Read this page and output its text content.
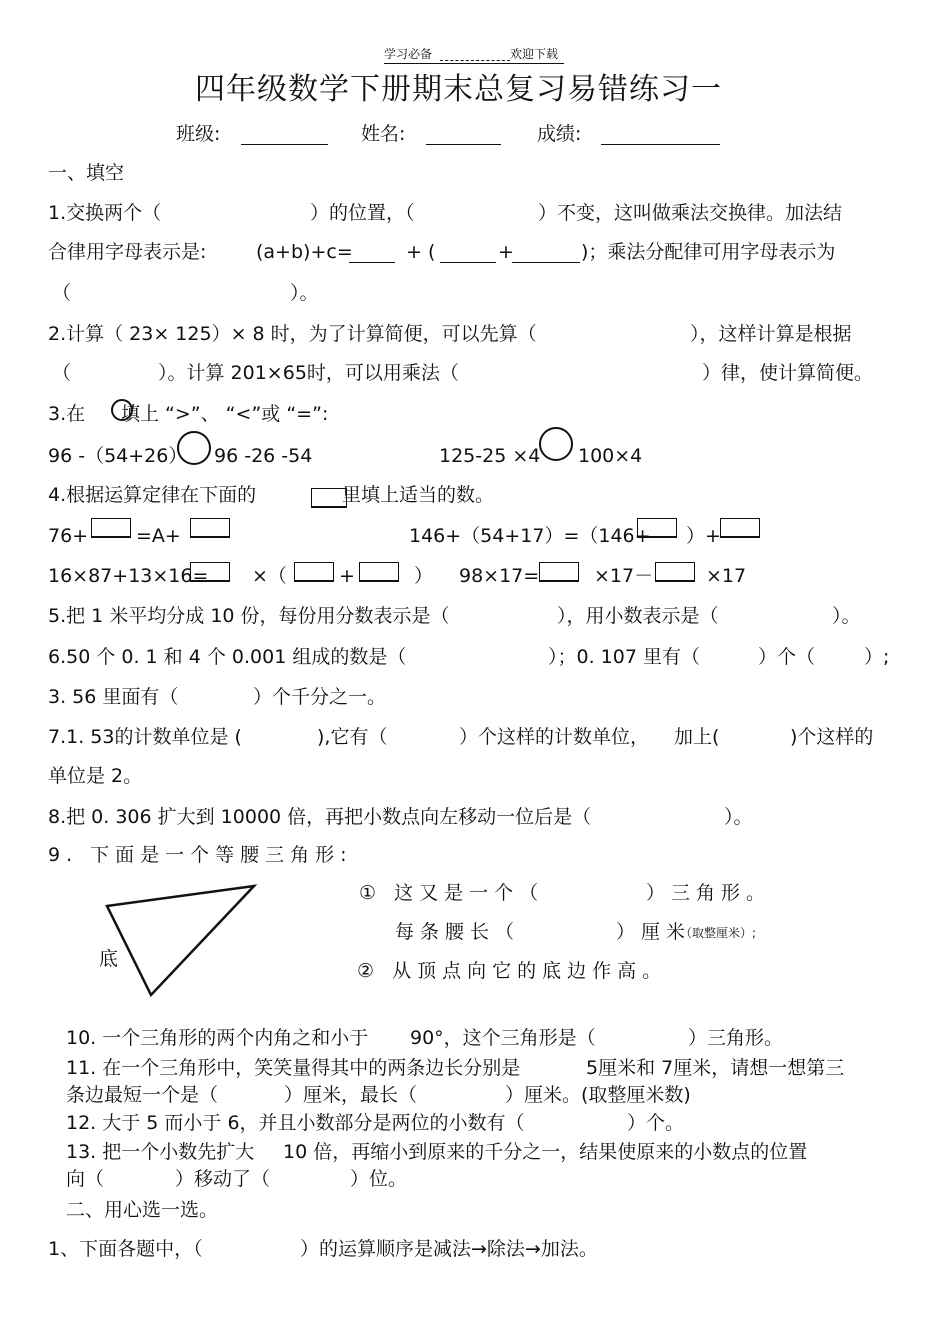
学习必备	欢迎下载
四年级数学下册期末总复习易错练习一
班级:	姓名:	成绩:
一、填空
1.交换两个（	）的位置，（	）不变，这叫做乘法交换律。加法结
合律用字母表示是:	(a+b)+c=	+ (	+	)；乘法分配律可用字母表示为
（	）。
2.计算（ 23× 125）× 8 时，为了计算简便，可以先算（	），这样计算是根据
（	）。计算 201×65时，可以用乘法（	）律，使计算简便。
3.在 填上 “>”、 “<”或 “=”:
96 -（54+26） 96 -26 -54	125-25 ×4 100×4
4.根据运算定律在下面的	里填上适当的数。
76+	=A+	146+（54+17）=（146+ ）+
16×87+13×16= ×（	+	） 98×17=	×17－	×17
5.把 1 米平均分成 10 份，每份用分数表示是（	），用小数表示是（	）。
6.50 个 0. 1 和 4 个 0.001 组成的数是（	）；0. 107 里有（	）个（	）;
3. 56 里面有（	）个千分之一。
7.1. 53的计数单位是 (	),它有（	）个这样的计数单位， 加上(	)个这样的
单位是 2。
8.把 0. 306 扩大到 10000 倍，再把小数点向左移动一位后是（	）。
9. 下面是一个等腰三角形:
底
① 这又是一个（	）三角形。
每条腰长（	）厘米
（取整厘米）;
② 从顶点向它的底边作高。
10. 一个三角形的两个内角之和小于 90°，这个三角形是（	）三角形。
11. 在一个三角形中，笑笑量得其中的两条边长分别是	5厘米和 7厘米，请想一想第三
条边最短一个是（	）厘米，最长（	）厘米。(取整厘米数)
12. 大于 5 而小于 6，并且小数部分是两位的小数有（	）个。
13. 把一个小数先扩大 10 倍，再缩小到原来的千分之一，结果使原来的小数点的位置
向（	）移动了（	）位。
二、用心选一选。
1、下面各题中，（	）的运算顺序是减法→除法→加法。
